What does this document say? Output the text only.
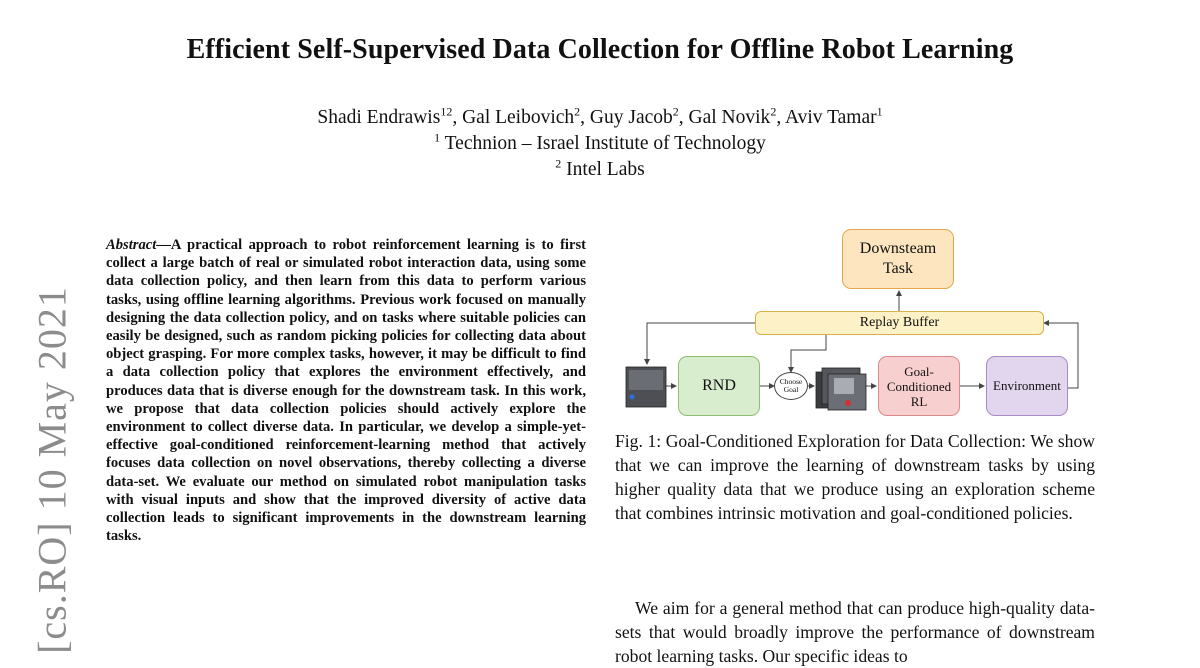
Efficient Self-Supervised Data Collection for Offline Robot Learning
Shadi Endrawis$^{12}$, Gal Leibovich$^2$, Guy Jacob$^2$, Gal Novik$^2$, Aviv Tamar$^1$
$^1$ Technion – Israel Institute of Technology
$^2$ Intel Labs
[cs.RO] 10 May 2021
Abstract—A practical approach to robot reinforcement learning is to first collect a large batch of real or simulated robot interaction data, using some data collection policy, and then learn from this data to perform various tasks, using offline learning algorithms. Previous work focused on manually designing the data collection policy, and on tasks where suitable policies can easily be designed, such as random picking policies for collecting data about object grasping. For more complex tasks, however, it may be difficult to find a data collection policy that explores the environment effectively, and produces data that is diverse enough for the downstream task. In this work, we propose that data collection policies should actively explore the environment to collect diverse data. In particular, we develop a simple-yet-effective goal-conditioned reinforcement-learning method that actively focuses data collection on novel observations, thereby collecting a diverse data-set. We evaluate our method on simulated robot manipulation tasks with visual inputs and show that the improved diversity of active data collection leads to significant improvements in the downstream learning tasks.
Downsteam
Task
Replay Buffer
RND	Choose
Goal
Goal-
Conditioned
RL
Environment
Fig. 1: Goal-Conditioned Exploration for Data Collection: We show that we can improve the learning of downstream tasks by using higher quality data that we produce using an exploration scheme that combines intrinsic motivation and goal-conditioned policies.
We aim for a general method that can produce high-quality data-sets that would broadly improve the performance of downstream robot learning tasks. Our specific ideas to
